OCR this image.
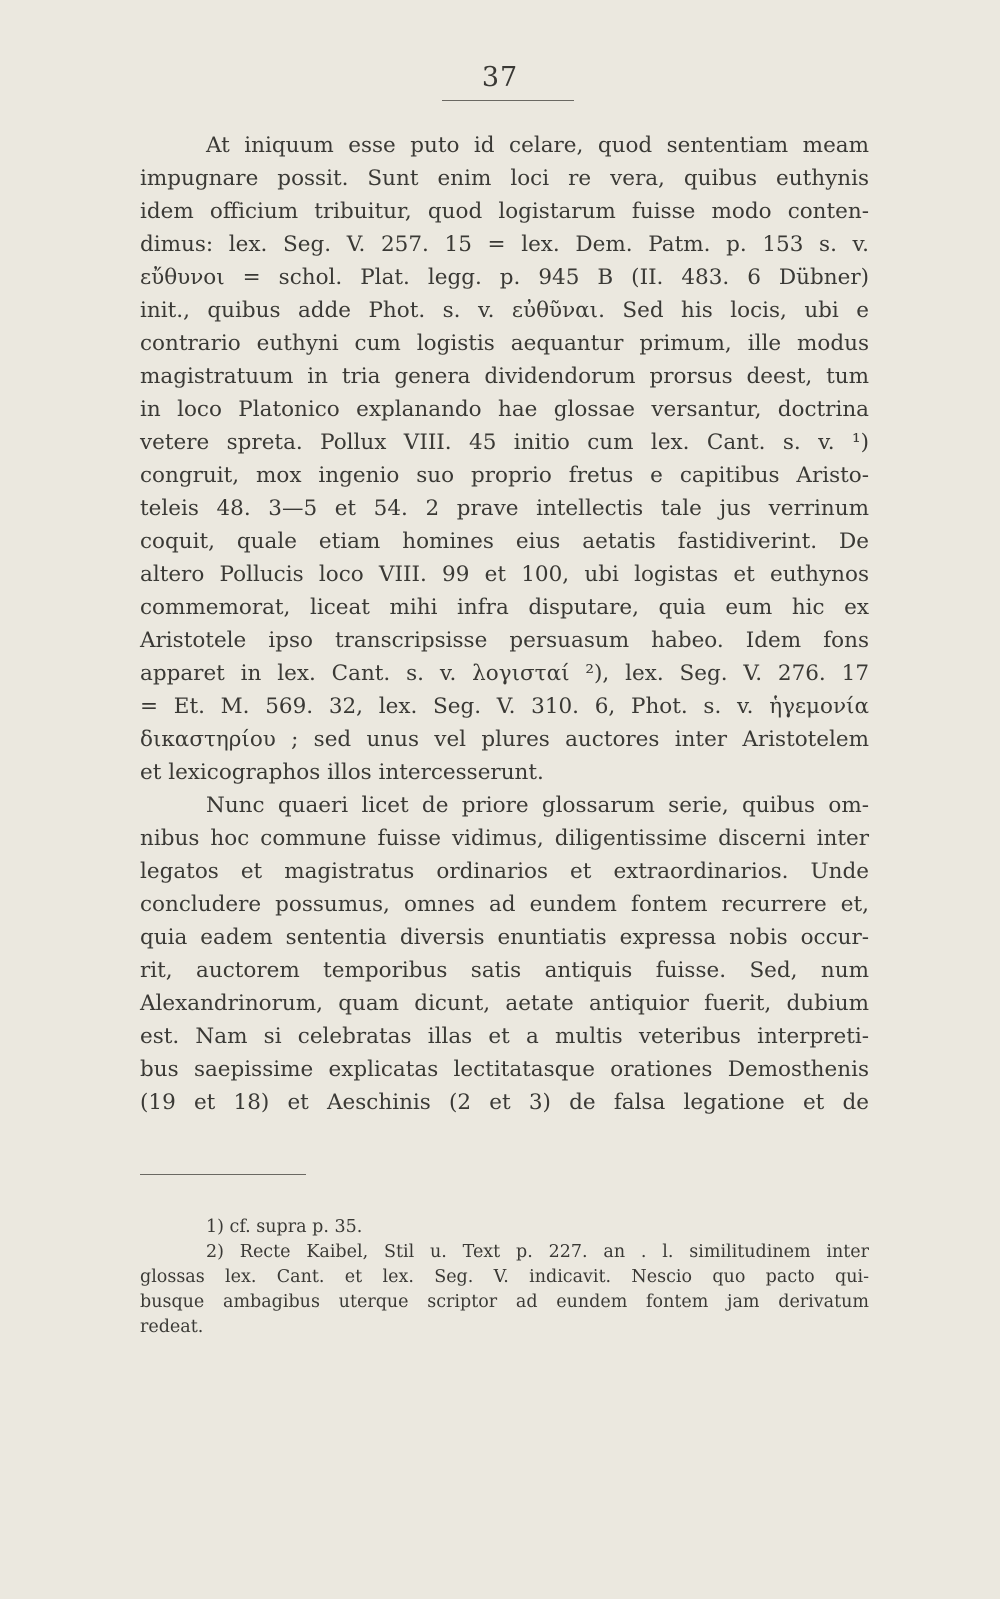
37
At iniquum esse puto id celare, quod sententiam meam
impugnare possit. Sunt enim loci re vera, quibus euthynis
idem officium tribuitur, quod logistarum fuisse modo conten-
dimus: lex. Seg. V. 257. 15 = lex. Dem. Patm. p. 153 s. v.
εὔθυνοι = schol. Plat. legg. p. 945 B (II. 483. 6 Dübner)
init., quibus adde Phot. s. v. εὐθῦναι. Sed his locis, ubi e
contrario euthyni cum logistis aequantur primum, ille modus
magistratuum in tria genera dividendorum prorsus deest, tum
in loco Platonico explanando hae glossae versantur, doctrina
vetere spreta. Pollux VIII. 45 initio cum lex. Cant. s. v. ¹)
congruit, mox ingenio suo proprio fretus e capitibus Aristo-
teleis 48. 3—5 et 54. 2 prave intellectis tale jus verrinum
coquit, quale etiam homines eius aetatis fastidiverint. De
altero Pollucis loco VIII. 99 et 100, ubi logistas et euthynos
commemorat, liceat mihi infra disputare, quia eum hic ex
Aristotele ipso transcripsisse persuasum habeo. Idem fons
apparet in lex. Cant. s. v. λογισταί ²), lex. Seg. V. 276. 17
= Et. M. 569. 32, lex. Seg. V. 310. 6, Phot. s. v. ἡγεμονία
δικαστηρίου ; sed unus vel plures auctores inter Aristotelem
et lexicographos illos intercesserunt.
Nunc quaeri licet de priore glossarum serie, quibus om-
nibus hoc commune fuisse vidimus, diligentissime discerni inter
legatos et magistratus ordinarios et extraordinarios. Unde
concludere possumus, omnes ad eundem fontem recurrere et,
quia eadem sententia diversis enuntiatis expressa nobis occur-
rit, auctorem temporibus satis antiquis fuisse. Sed, num
Alexandrinorum, quam dicunt, aetate antiquior fuerit, dubium
est. Nam si celebratas illas et a multis veteribus interpreti-
bus saepissime explicatas lectitatasque orationes Demosthenis
(19 et 18) et Aeschinis (2 et 3) de falsa legatione et de
1) cf. supra p. 35.
2) Recte Kaibel, Stil u. Text p. 227. an . l. similitudinem inter
glossas lex. Cant. et lex. Seg. V. indicavit. Nescio quo pacto qui-
busque ambagibus uterque scriptor ad eundem fontem jam derivatum
redeat.
